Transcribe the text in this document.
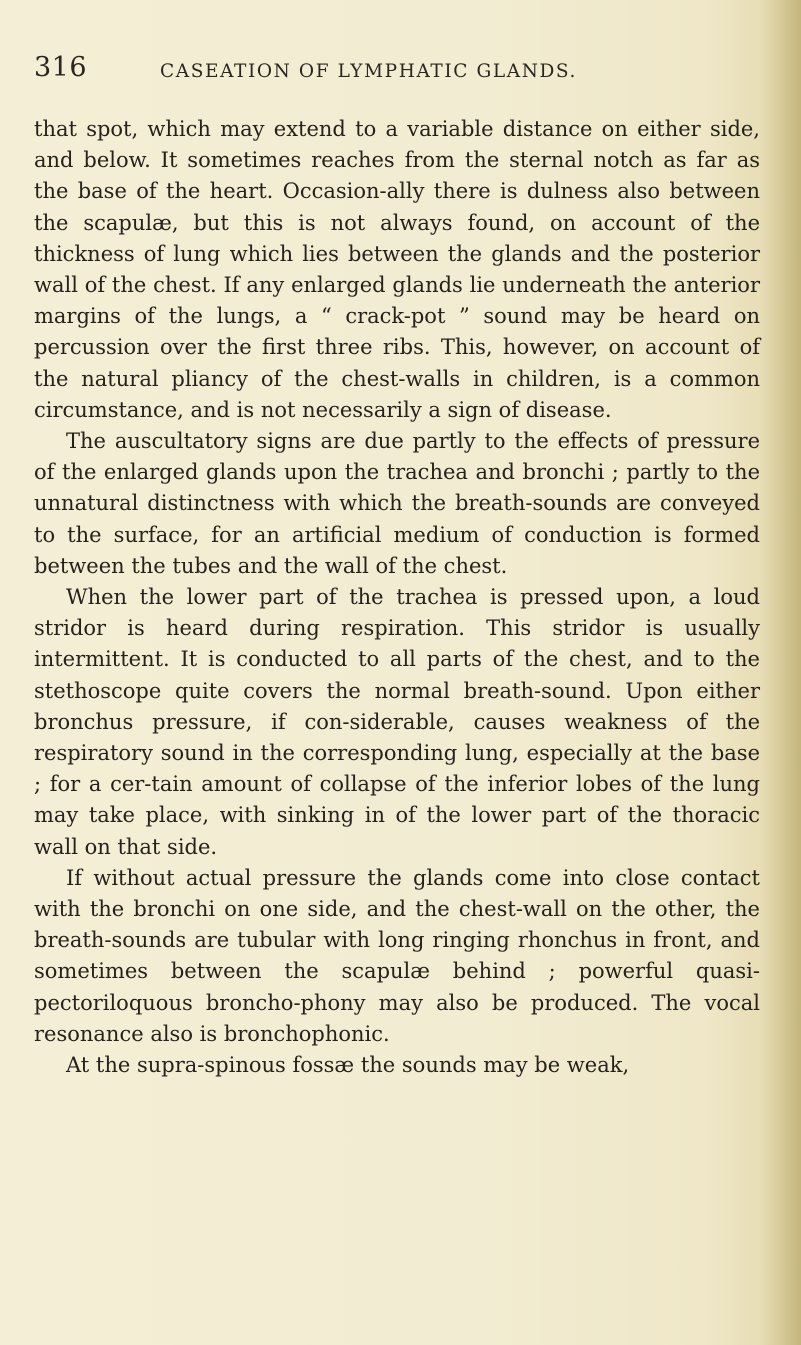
316	CASEATION OF LYMPHATIC GLANDS.

that spot, which may extend to a variable distance on either side, and below. It sometimes reaches from the sternal notch as far as the base of the heart. Occasion-ally there is dulness also between the scapulæ, but this is not always found, on account of the thickness of lung which lies between the glands and the posterior wall of the chest. If any enlarged glands lie underneath the anterior margins of the lungs, a “ crack-pot ” sound may be heard on percussion over the first three ribs. This, however, on account of the natural pliancy of the chest-walls in children, is a common circumstance, and is not necessarily a sign of disease.

The auscultatory signs are due partly to the effects of pressure of the enlarged glands upon the trachea and bronchi ; partly to the unnatural distinctness with which the breath-sounds are conveyed to the surface, for an artificial medium of conduction is formed between the tubes and the wall of the chest.

When the lower part of the trachea is pressed upon, a loud stridor is heard during respiration. This stridor is usually intermittent. It is conducted to all parts of the chest, and to the stethoscope quite covers the normal breath-sound. Upon either bronchus pressure, if con-siderable, causes weakness of the respiratory sound in the corresponding lung, especially at the base ; for a cer-tain amount of collapse of the inferior lobes of the lung may take place, with sinking in of the lower part of the thoracic wall on that side.

If without actual pressure the glands come into close contact with the bronchi on one side, and the chest-wall on the other, the breath-sounds are tubular with long ringing rhonchus in front, and sometimes between the scapulæ behind ; powerful quasi-pectoriloquous broncho-phony may also be produced. The vocal resonance also is bronchophonic.

At the supra-spinous fossæ the sounds may be weak,
